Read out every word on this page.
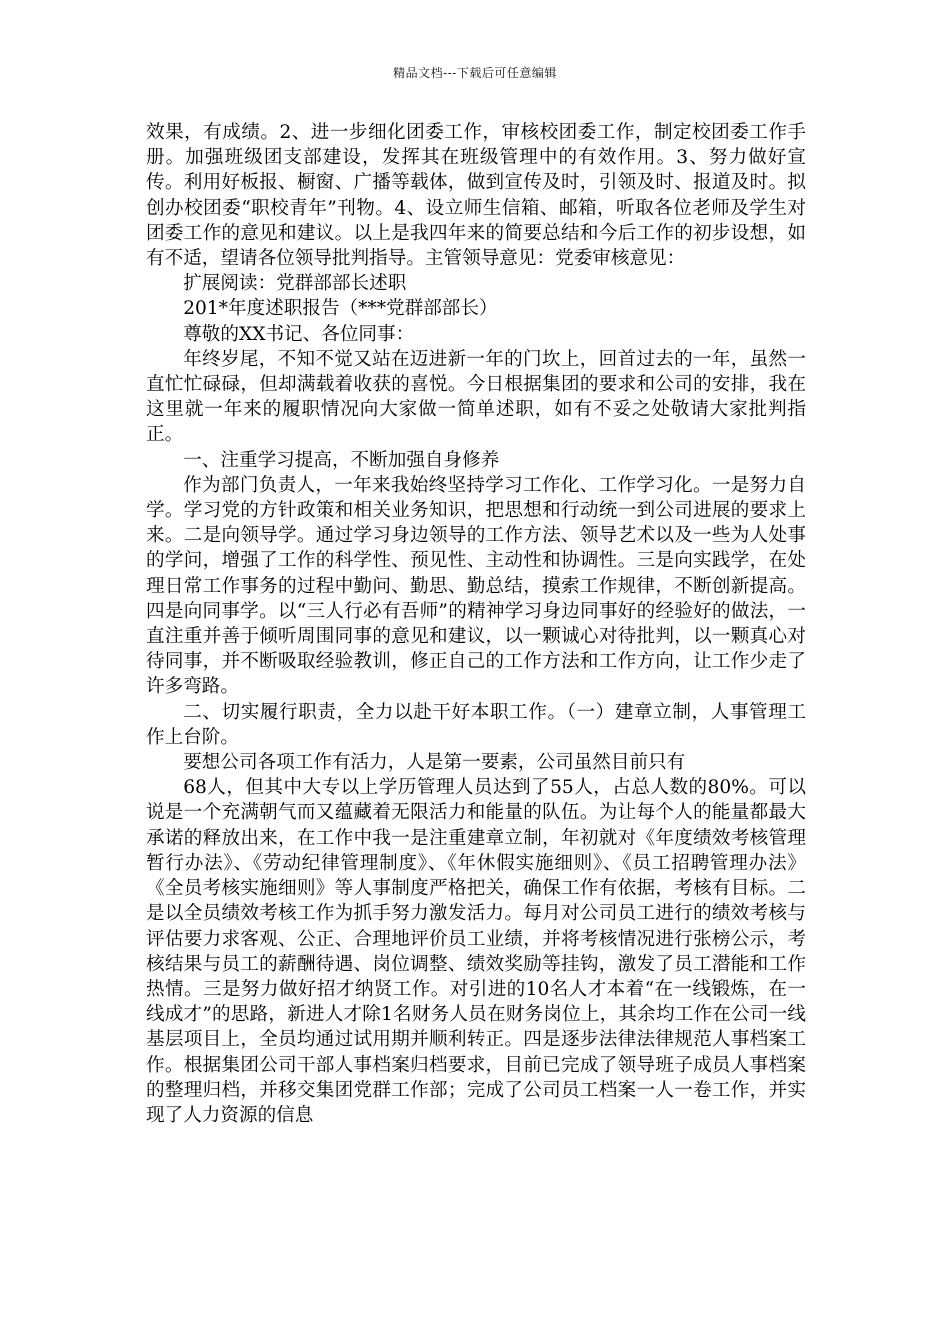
精品文档---下载后可任意编辑

效果，有成绩。2、进一步细化团委工作，审核校团委工作，制定校团委工作手册。加强班级团支部建设，发挥其在班级管理中的有效作用。3、努力做好宣传。利用好板报、橱窗、广播等载体，做到宣传及时，引领及时、报道及时。拟创办校团委“职校青年”刊物。4、设立师生信箱、邮箱，听取各位老师及学生对团委工作的意见和建议。以上是我四年来的简要总结和今后工作的初步设想，如有不适，望请各位领导批判指导。主管领导意见：党委审核意见：

扩展阅读：党群部部长述职

201*年度述职报告（***党群部部长）

尊敬的XX书记、各位同事：

年终岁尾，不知不觉又站在迈进新一年的门坎上，回首过去的一年，虽然一直忙忙碌碌，但却满载着收获的喜悦。今日根据集团的要求和公司的安排，我在这里就一年来的履职情况向大家做一简单述职，如有不妥之处敬请大家批判指正。

一、注重学习提高，不断加强自身修养

作为部门负责人，一年来我始终坚持学习工作化、工作学习化。一是努力自学。学习党的方针政策和相关业务知识，把思想和行动统一到公司进展的要求上来。二是向领导学。通过学习身边领导的工作方法、领导艺术以及一些为人处事的学问，增强了工作的科学性、预见性、主动性和协调性。三是向实践学，在处理日常工作事务的过程中勤问、勤思、勤总结，摸索工作规律，不断创新提高。四是向同事学。以“三人行必有吾师”的精神学习身边同事好的经验好的做法，一直注重并善于倾听周围同事的意见和建议，以一颗诚心对待批判，以一颗真心对待同事，并不断吸取经验教训，修正自己的工作方法和工作方向，让工作少走了许多弯路。

二、切实履行职责，全力以赴干好本职工作。（一）建章立制，人事管理工作上台阶。

要想公司各项工作有活力，人是第一要素，公司虽然目前只有

68人，但其中大专以上学历管理人员达到了55人，占总人数的80%。可以说是一个充满朝气而又蕴藏着无限活力和能量的队伍。为让每个人的能量都最大承诺的释放出来，在工作中我一是注重建章立制，年初就对《年度绩效考核管理暂行办法》、《劳动纪律管理制度》、《年休假实施细则》、《员工招聘管理办法》《全员考核实施细则》等人事制度严格把关，确保工作有依据，考核有目标。二是以全员绩效考核工作为抓手努力激发活力。每月对公司员工进行的绩效考核与评估要力求客观、公正、合理地评价员工业绩，并将考核情况进行张榜公示，考核结果与员工的薪酬待遇、岗位调整、绩效奖励等挂钩，激发了员工潜能和工作热情。三是努力做好招才纳贤工作。对引进的10名人才本着“在一线锻炼，在一线成才”的思路，新进人才除1名财务人员在财务岗位上，其余均工作在公司一线基层项目上，全员均通过试用期并顺利转正。四是逐步法律法律规范人事档案工作。根据集团公司干部人事档案归档要求，目前已完成了领导班子成员人事档案的整理归档，并移交集团党群工作部；完成了公司员工档案一人一卷工作，并实现了人力资源的信息
